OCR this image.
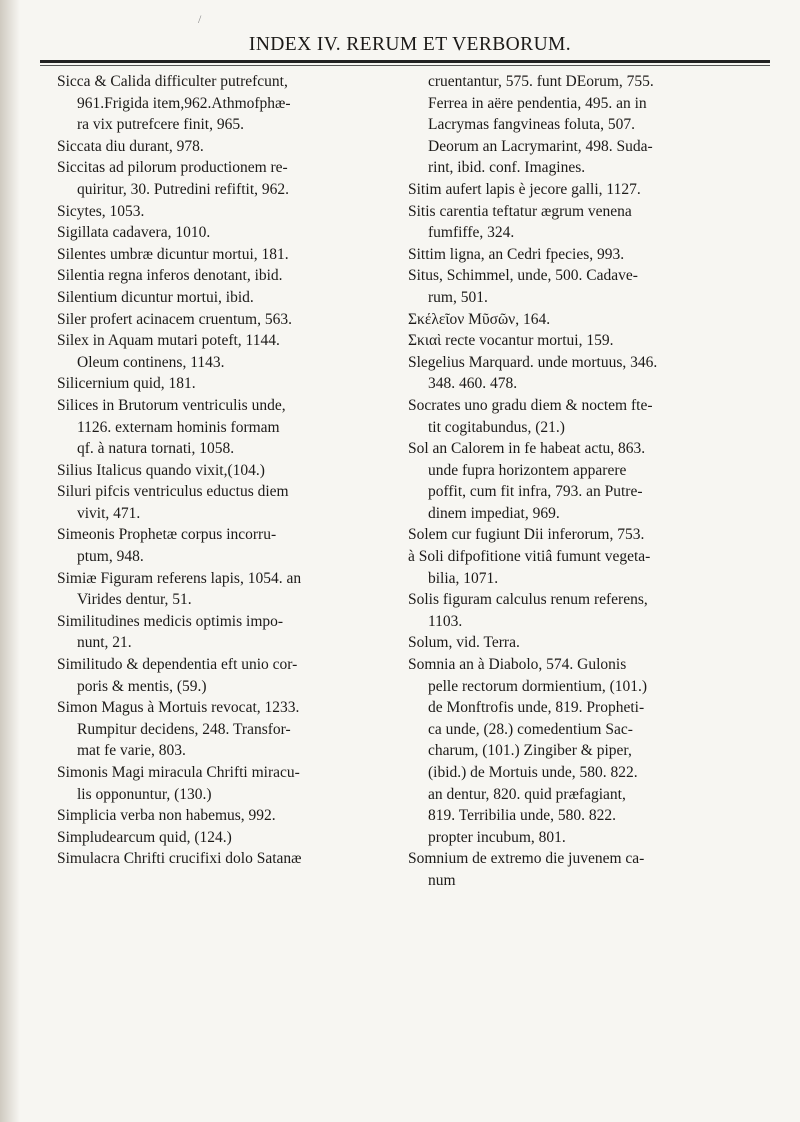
/
INDEX IV. RERUM ET VERBORUM.

Sicca & Calida difficulter putrefcunt,

961.Frigida item,962.Athmofphæ-

ra vix putrefcere finit, 965.

Siccata diu durant, 978.

Siccitas ad pilorum productionem re-

quiritur, 30. Putredini refiftit, 962.

Sicytes, 1053.

Sigillata cadavera, 1010.

Silentes umbræ dicuntur mortui, 181.

Silentia regna inferos denotant, ibid.

Silentium dicuntur mortui, ibid.

Siler profert acinacem cruentum, 563.

Silex in Aquam mutari poteft, 1144.

Oleum continens, 1143.

Silicernium quid, 181.

Silices in Brutorum ventriculis unde,

1126. externam hominis formam

qf. à natura tornati, 1058.

Silius Italicus quando vixit,(104.)

Siluri pifcis ventriculus eductus diem

vivit, 471.

Simeonis Prophetæ corpus incorru-

ptum, 948.

Simiæ Figuram referens lapis, 1054. an

Virides dentur, 51.

Similitudines medicis optimis impo-

nunt, 21.

Similitudo & dependentia eft unio cor-

poris & mentis, (59.)

Simon Magus à Mortuis revocat, 1233.

Rumpitur decidens, 248. Transfor-

mat fe varie, 803.

Simonis Magi miracula Chrifti miracu-

lis opponuntur, (130.)

Simplicia verba non habemus, 992.

Simpludearcum quid, (124.)

Simulacra Chrifti crucifixi dolo Satanæ

cruentantur, 575. funt DEorum, 755.

Ferrea in aëre pendentia, 495. an in

Lacrymas fangvineas foluta, 507.

Deorum an Lacrymarint, 498. Suda-

rint, ibid. conf. Imagines.

Sitim aufert lapis è jecore galli, 1127.

Sitis carentia teftatur ægrum venena

fumfiffe, 324.

Sittim ligna, an Cedri fpecies, 993.

Situs, Schimmel, unde, 500. Cadave-

rum, 501.

Σκέλεῖον Μῦσῶν, 164.

Σκιαὶ recte vocantur mortui, 159.

Slegelius Marquard. unde mortuus, 346.

348. 460. 478.

Socrates uno gradu diem & noctem fte-

tit cogitabundus, (21.)

Sol an Calorem in fe habeat actu, 863.

unde fupra horizontem apparere

poffit, cum fit infra, 793. an Putre-

dinem impediat, 969.

Solem cur fugiunt Dii inferorum, 753.

à Soli difpofitione vitiâ fumunt vegeta-

bilia, 1071.

Solis figuram calculus renum referens,

1103.

Solum, vid. Terra.

Somnia an à Diabolo, 574. Gulonis

pelle rectorum dormientium, (101.)

de Monftrofis unde, 819. Propheti-

ca unde, (28.) comedentium Sac-

charum, (101.) Zingiber & piper,

(ibid.) de Mortuis unde, 580. 822.

an dentur, 820. quid præfagiant,

819. Terribilia unde, 580. 822.

propter incubum, 801.

Somnium de extremo die juvenem ca-

num
